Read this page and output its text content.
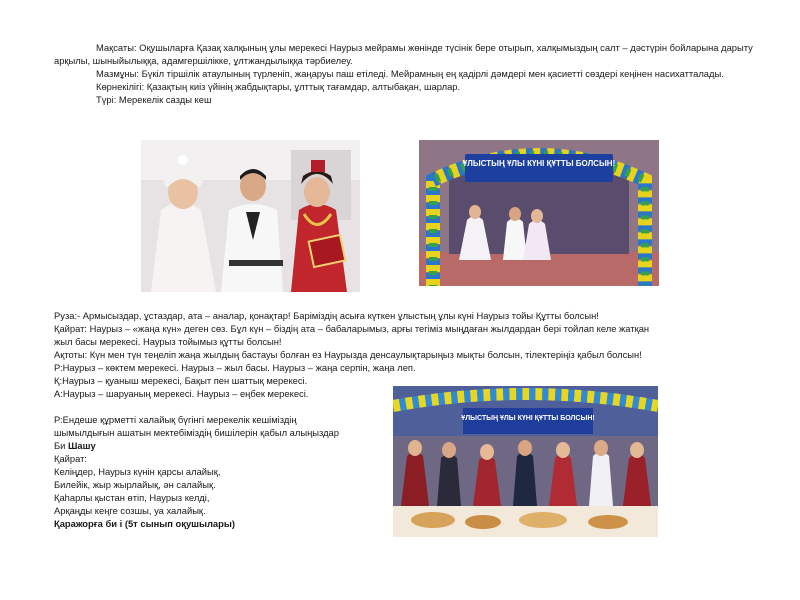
Мақсаты: Оқушыларға Қазақ халқының ұлы мерекесі Наурыз мейрамы жөнінде түсінік бере отырып, халқымыздың салт – дәстүрін бойларына дарыту арқылы, шыныйылыққа, адамгершілікке, ұлтжандылыққа тәрбиелеу.
Мазмұны: Бүкіл тіршілік атаулының түрленіп, жаңаруы паш етіледі. Мейрамның ең қадірлі дәмдері мен қасиетті сөздері кеңінен насихатталады.
Көрнекілігі: Қазақтың киіз үйінің жабдықтары, ұлттық тағамдар, алтыбақан, шарлар.
Түрі: Мерекелік сазды кеш
ҰЛЫСТЫҢ ҰЛЫ КҮНІ ҚҰТТЫ БОЛСЫН!
Руза:- Армысыздар, ұстаздар, ата – аналар, қонақтар! Баріміздің асыға күткен ұлыстың ұлы күні Наурыз тойы Құтты болсын!
Қайрат: Наурыз – «жаңа күн» деген сөз. Бұл күн – біздің ата – бабаларымыз, арғы тегіміз мыңдаған жылдардан бері тойлап келе жатқан
жыл басы мерекесі. Наурыз тойымыз құтты болсын!
Ақтоты: Күн мен түн теңеліп жаңа жылдың бастауы болған ез Наурызда денсаулықтарыңыз мықты болсын, тілектеріңіз қабыл болсын!
Р:Наурыз – көктем мерекесі. Наурыз – жыл басы. Наурыз – жаңа серпін, жаңа леп.
Қ:Наурыз – қуаныш мерекесі, Бақыт пен шаттық мерекесі.
А:Наурыз – шаруаның мерекесі. Наурыз – еңбек мерекесі.
Р:Ендеше құрметті халайық бүгінгі мерекелік кешіміздің
шымылдығын ашатын мектебіміздің бишілерін қабыл алыңыздар
Би Шашу
Қайрат:
Келіңдер, Наурыз күнін қарсы алайық,
Билейік, жыр жырлайық, ән салайық.
Қаһарлы қыстан өтіп, Наурыз келді,
Арқаңды кеңге созшы, уа халайық.
Қаражорға би і (5т сынып оқушылары)
ҰЛЫСТЫҢ ҰЛЫ КҮНІ ҚҰТТЫ БОЛСЫН!
